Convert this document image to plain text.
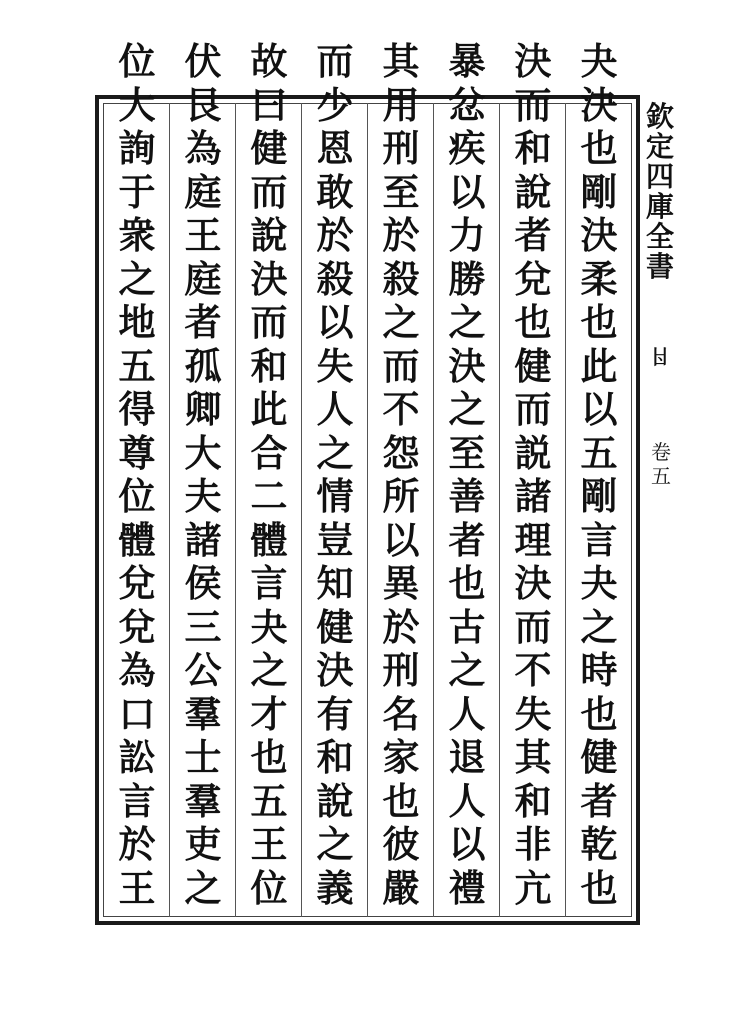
欽
定
四
庫
全
書
𠁿
卷
五
夬
決
也
剛
決
柔
也
此
以
五
剛
言
夬
之
時
也
健
者
乾
也
決
而
和
說
者
兌
也
健
而
説
諸
理
決
而
不
失
其
和
非
亢
暴
忿
疾
以
力
勝
之
決
之
至
善
者
也
古
之
人
退
人
以
禮
其
用
刑
至
於
殺
之
而
不
怨
所
以
異
於
刑
名
家
也
彼
嚴
而
少
恩
敢
於
殺
以
失
人
之
情
豈
知
健
決
有
和
說
之
義
故
曰
健
而
說
決
而
和
此
合
二
體
言
夬
之
才
也
五
王
位
伏
艮
為
庭
王
庭
者
孤
卿
大
夫
諸
侯
三
公
羣
士
羣
吏
之
位
大
詢
于
衆
之
地
五
得
尊
位
體
兌
兌
為
口
訟
言
於
王
